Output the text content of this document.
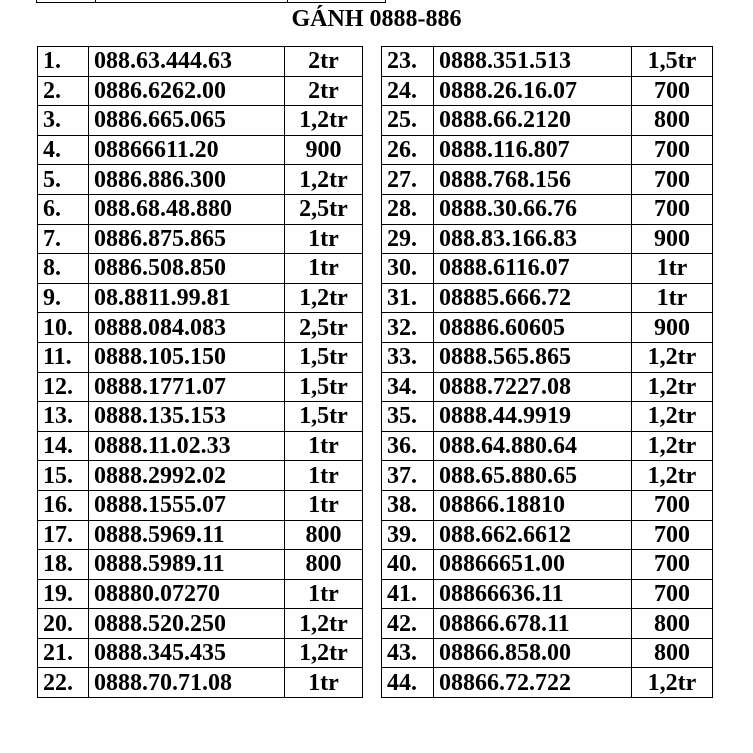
GÁNH 0888-886
1.	088.63.444.63	2tr
2.	0886.6262.00	2tr
3.	0886.665.065	1,2tr
4.	08866611.20	900
5.	0886.886.300	1,2tr
6.	088.68.48.880	2,5tr
7.	0886.875.865	1tr
8.	0886.508.850	1tr
9.	08.8811.99.81	1,2tr
10.	0888.084.083	2,5tr
11.	0888.105.150	1,5tr
12.	0888.1771.07	1,5tr
13.	0888.135.153	1,5tr
14.	0888.11.02.33	1tr
15.	0888.2992.02	1tr
16.	0888.1555.07	1tr
17.	0888.5969.11	800
18.	0888.5989.11	800
19.	08880.07270	1tr
20.	0888.520.250	1,2tr
21.	0888.345.435	1,2tr
22.	0888.70.71.08	1tr
23.	0888.351.513	1,5tr
24.	0888.26.16.07	700
25.	0888.66.2120	800
26.	0888.116.807	700
27.	0888.768.156	700
28.	0888.30.66.76	700
29.	088.83.166.83	900
30.	0888.6116.07	1tr
31.	08885.666.72	1tr
32.	08886.60605	900
33.	0888.565.865	1,2tr
34.	0888.7227.08	1,2tr
35.	0888.44.9919	1,2tr
36.	088.64.880.64	1,2tr
37.	088.65.880.65	1,2tr
38.	08866.18810	700
39.	088.662.6612	700
40.	08866651.00	700
41.	08866636.11	700
42.	08866.678.11	800
43.	08866.858.00	800
44.	08866.72.722	1,2tr
